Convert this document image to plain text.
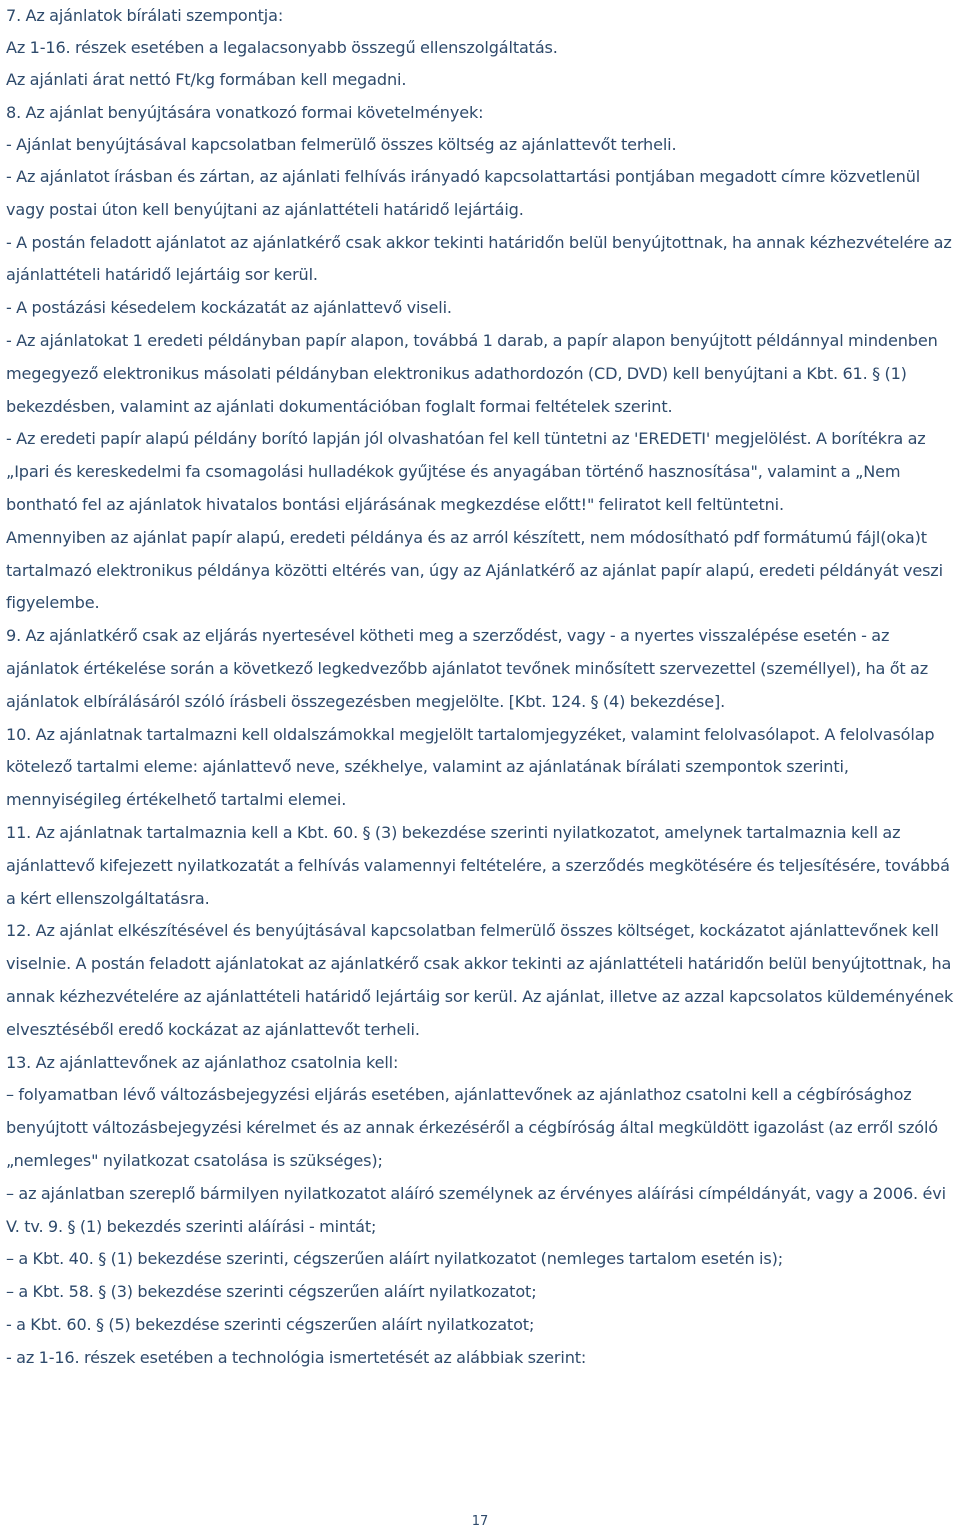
7. Az ajánlatok bírálati szempontja:

Az 1-16. részek esetében a legalacsonyabb összegű ellenszolgáltatás.

Az ajánlati árat nettó Ft/kg formában kell megadni.

8. Az ajánlat benyújtására vonatkozó formai követelmények:

- Ajánlat benyújtásával kapcsolatban felmerülő összes költség az ajánlattevőt terheli.

- Az ajánlatot írásban és zártan, az ajánlati felhívás irányadó kapcsolattartási pontjában megadott címre közvetlenül vagy postai úton kell benyújtani az ajánlattételi határidő lejártáig.

- A postán feladott ajánlatot az ajánlatkérő csak akkor tekinti határidőn belül benyújtottnak, ha annak kézhezvételére az ajánlattételi határidő lejártáig sor kerül.

- A postázási késedelem kockázatát az ajánlattevő viseli.

- Az ajánlatokat 1 eredeti példányban papír alapon, továbbá 1 darab, a papír alapon benyújtott példánnyal mindenben megegyező elektronikus másolati példányban elektronikus adathordozón (CD, DVD) kell benyújtani a Kbt. 61. § (1) bekezdésben, valamint az ajánlati dokumentációban foglalt formai feltételek szerint.

- Az eredeti papír alapú példány borító lapján jól olvashatóan fel kell tüntetni az 'EREDETI' megjelölést. A borítékra az „Ipari és kereskedelmi fa csomagolási hulladékok gyűjtése és anyagában történő hasznosítása", valamint a „Nem bontható fel az ajánlatok hivatalos bontási eljárásának megkezdése előtt!" feliratot kell feltüntetni.

Amennyiben az ajánlat papír alapú, eredeti példánya és az arról készített, nem módosítható pdf formátumú fájl(oka)t tartalmazó elektronikus példánya közötti eltérés van, úgy az Ajánlatkérő az ajánlat papír alapú, eredeti példányát veszi figyelembe.

9. Az ajánlatkérő csak az eljárás nyertesével kötheti meg a szerződést, vagy - a nyertes visszalépése esetén - az ajánlatok értékelése során a következő legkedvezőbb ajánlatot tevőnek minősített szervezettel (személlyel), ha őt az ajánlatok elbírálásáról szóló írásbeli összegezésben megjelölte. [Kbt. 124. § (4) bekezdése].

10. Az ajánlatnak tartalmazni kell oldalszámokkal megjelölt tartalomjegyzéket, valamint felolvasólapot. A felolvasólap kötelező tartalmi eleme: ajánlattevő neve, székhelye, valamint az ajánlatának bírálati szempontok szerinti, mennyiségileg értékelhető tartalmi elemei.

11. Az ajánlatnak tartalmaznia kell a Kbt. 60. § (3) bekezdése szerinti nyilatkozatot, amelynek tartalmaznia kell az ajánlattevő kifejezett nyilatkozatát a felhívás valamennyi feltételére, a szerződés megkötésére és teljesítésére, továbbá a kért ellenszolgáltatásra.

12. Az ajánlat elkészítésével és benyújtásával kapcsolatban felmerülő összes költséget, kockázatot ajánlattevőnek kell viselnie. A postán feladott ajánlatokat az ajánlatkérő csak akkor tekinti az ajánlattételi határidőn belül benyújtottnak, ha annak kézhezvételére az ajánlattételi határidő lejártáig sor kerül. Az ajánlat, illetve az azzal kapcsolatos küldeményének elvesztéséből eredő kockázat az ajánlattevőt terheli.

13. Az ajánlattevőnek az ajánlathoz csatolnia kell:

– folyamatban lévő változásbejegyzési eljárás esetében, ajánlattevőnek az ajánlathoz csatolni kell a cégbírósághoz benyújtott változásbejegyzési kérelmet és az annak érkezéséről a cégbíróság által megküldött igazolást (az erről szóló „nemleges" nyilatkozat csatolása is szükséges);

– az ajánlatban szereplő bármilyen nyilatkozatot aláíró személynek az érvényes aláírási címpéldányát, vagy a 2006. évi V. tv. 9. § (1) bekezdés szerinti aláírási - mintát;

– a Kbt. 40. § (1) bekezdése szerinti, cégszerűen aláírt nyilatkozatot (nemleges tartalom esetén is);

– a Kbt. 58. § (3) bekezdése szerinti cégszerűen aláírt nyilatkozatot;

- a Kbt. 60. § (5) bekezdése szerinti cégszerűen aláírt nyilatkozatot;

- az 1-16. részek esetében a technológia ismertetését az alábbiak szerint:

17
